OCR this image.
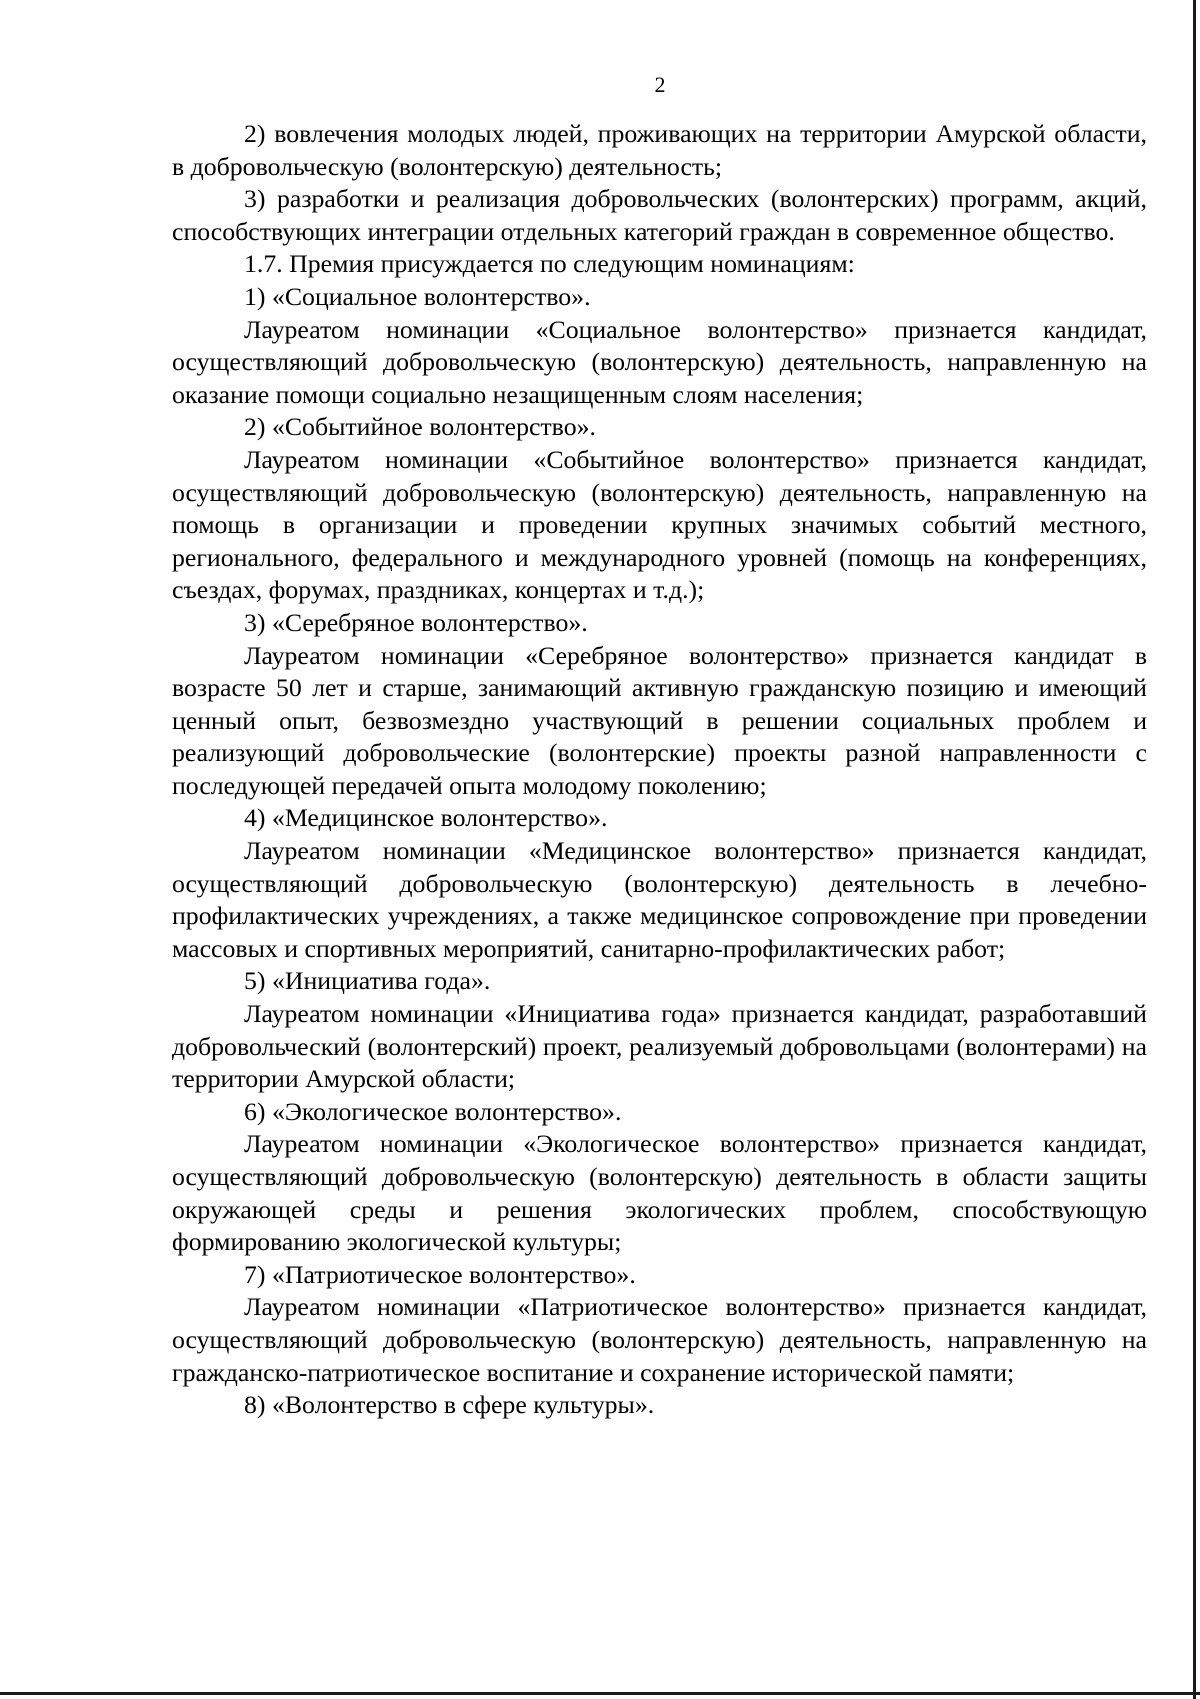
2

2) вовлечения молодых людей, проживающих на территории Амурской области, в добровольческую (волонтерскую) деятельность;

3) разработки и реализация добровольческих (волонтерских) программ, акций, способствующих интеграции отдельных категорий граждан в современное общество.

1.7. Премия присуждается по следующим номинациям:

1) «Социальное волонтерство».

Лауреатом номинации «Социальное волонтерство» признается кандидат, осуществляющий добровольческую (волонтерскую) деятельность, направленную на оказание помощи социально незащищенным слоям населения;

2) «Событийное волонтерство».

Лауреатом номинации «Событийное волонтерство» признается кандидат, осуществляющий добровольческую (волонтерскую) деятельность, направленную на помощь в организации и проведении крупных значимых событий местного, регионального, федерального и международного уровней (помощь на конференциях, съездах, форумах, праздниках, концертах и т.д.);

3) «Серебряное волонтерство».

Лауреатом номинации «Серебряное волонтерство» признается кандидат в возрасте 50 лет и старше, занимающий активную гражданскую позицию и имеющий ценный опыт, безвозмездно участвующий в решении социальных проблем и реализующий добровольческие (волонтерские) проекты разной направленности с последующей передачей опыта молодому поколению;

4) «Медицинское волонтерство».

Лауреатом номинации «Медицинское волонтерство» признается кандидат, осуществляющий добровольческую (волонтерскую) деятельность в лечебно-профилактических учреждениях, а также медицинское сопровождение при проведении массовых и спортивных мероприятий, санитарно-профилактических работ;

5) «Инициатива года».

Лауреатом номинации «Инициатива года» признается кандидат, разработавший добровольческий (волонтерский) проект, реализуемый добровольцами (волонтерами) на территории Амурской области;

6) «Экологическое волонтерство».

Лауреатом номинации «Экологическое волонтерство» признается кандидат, осуществляющий добровольческую (волонтерскую) деятельность в области защиты окружающей среды и решения экологических проблем, способствующую формированию экологической культуры;

7) «Патриотическое волонтерство».

Лауреатом номинации «Патриотическое волонтерство» признается кандидат, осуществляющий добровольческую (волонтерскую) деятельность, направленную на гражданско-патриотическое воспитание и сохранение исторической памяти;

8) «Волонтерство в сфере культуры».
